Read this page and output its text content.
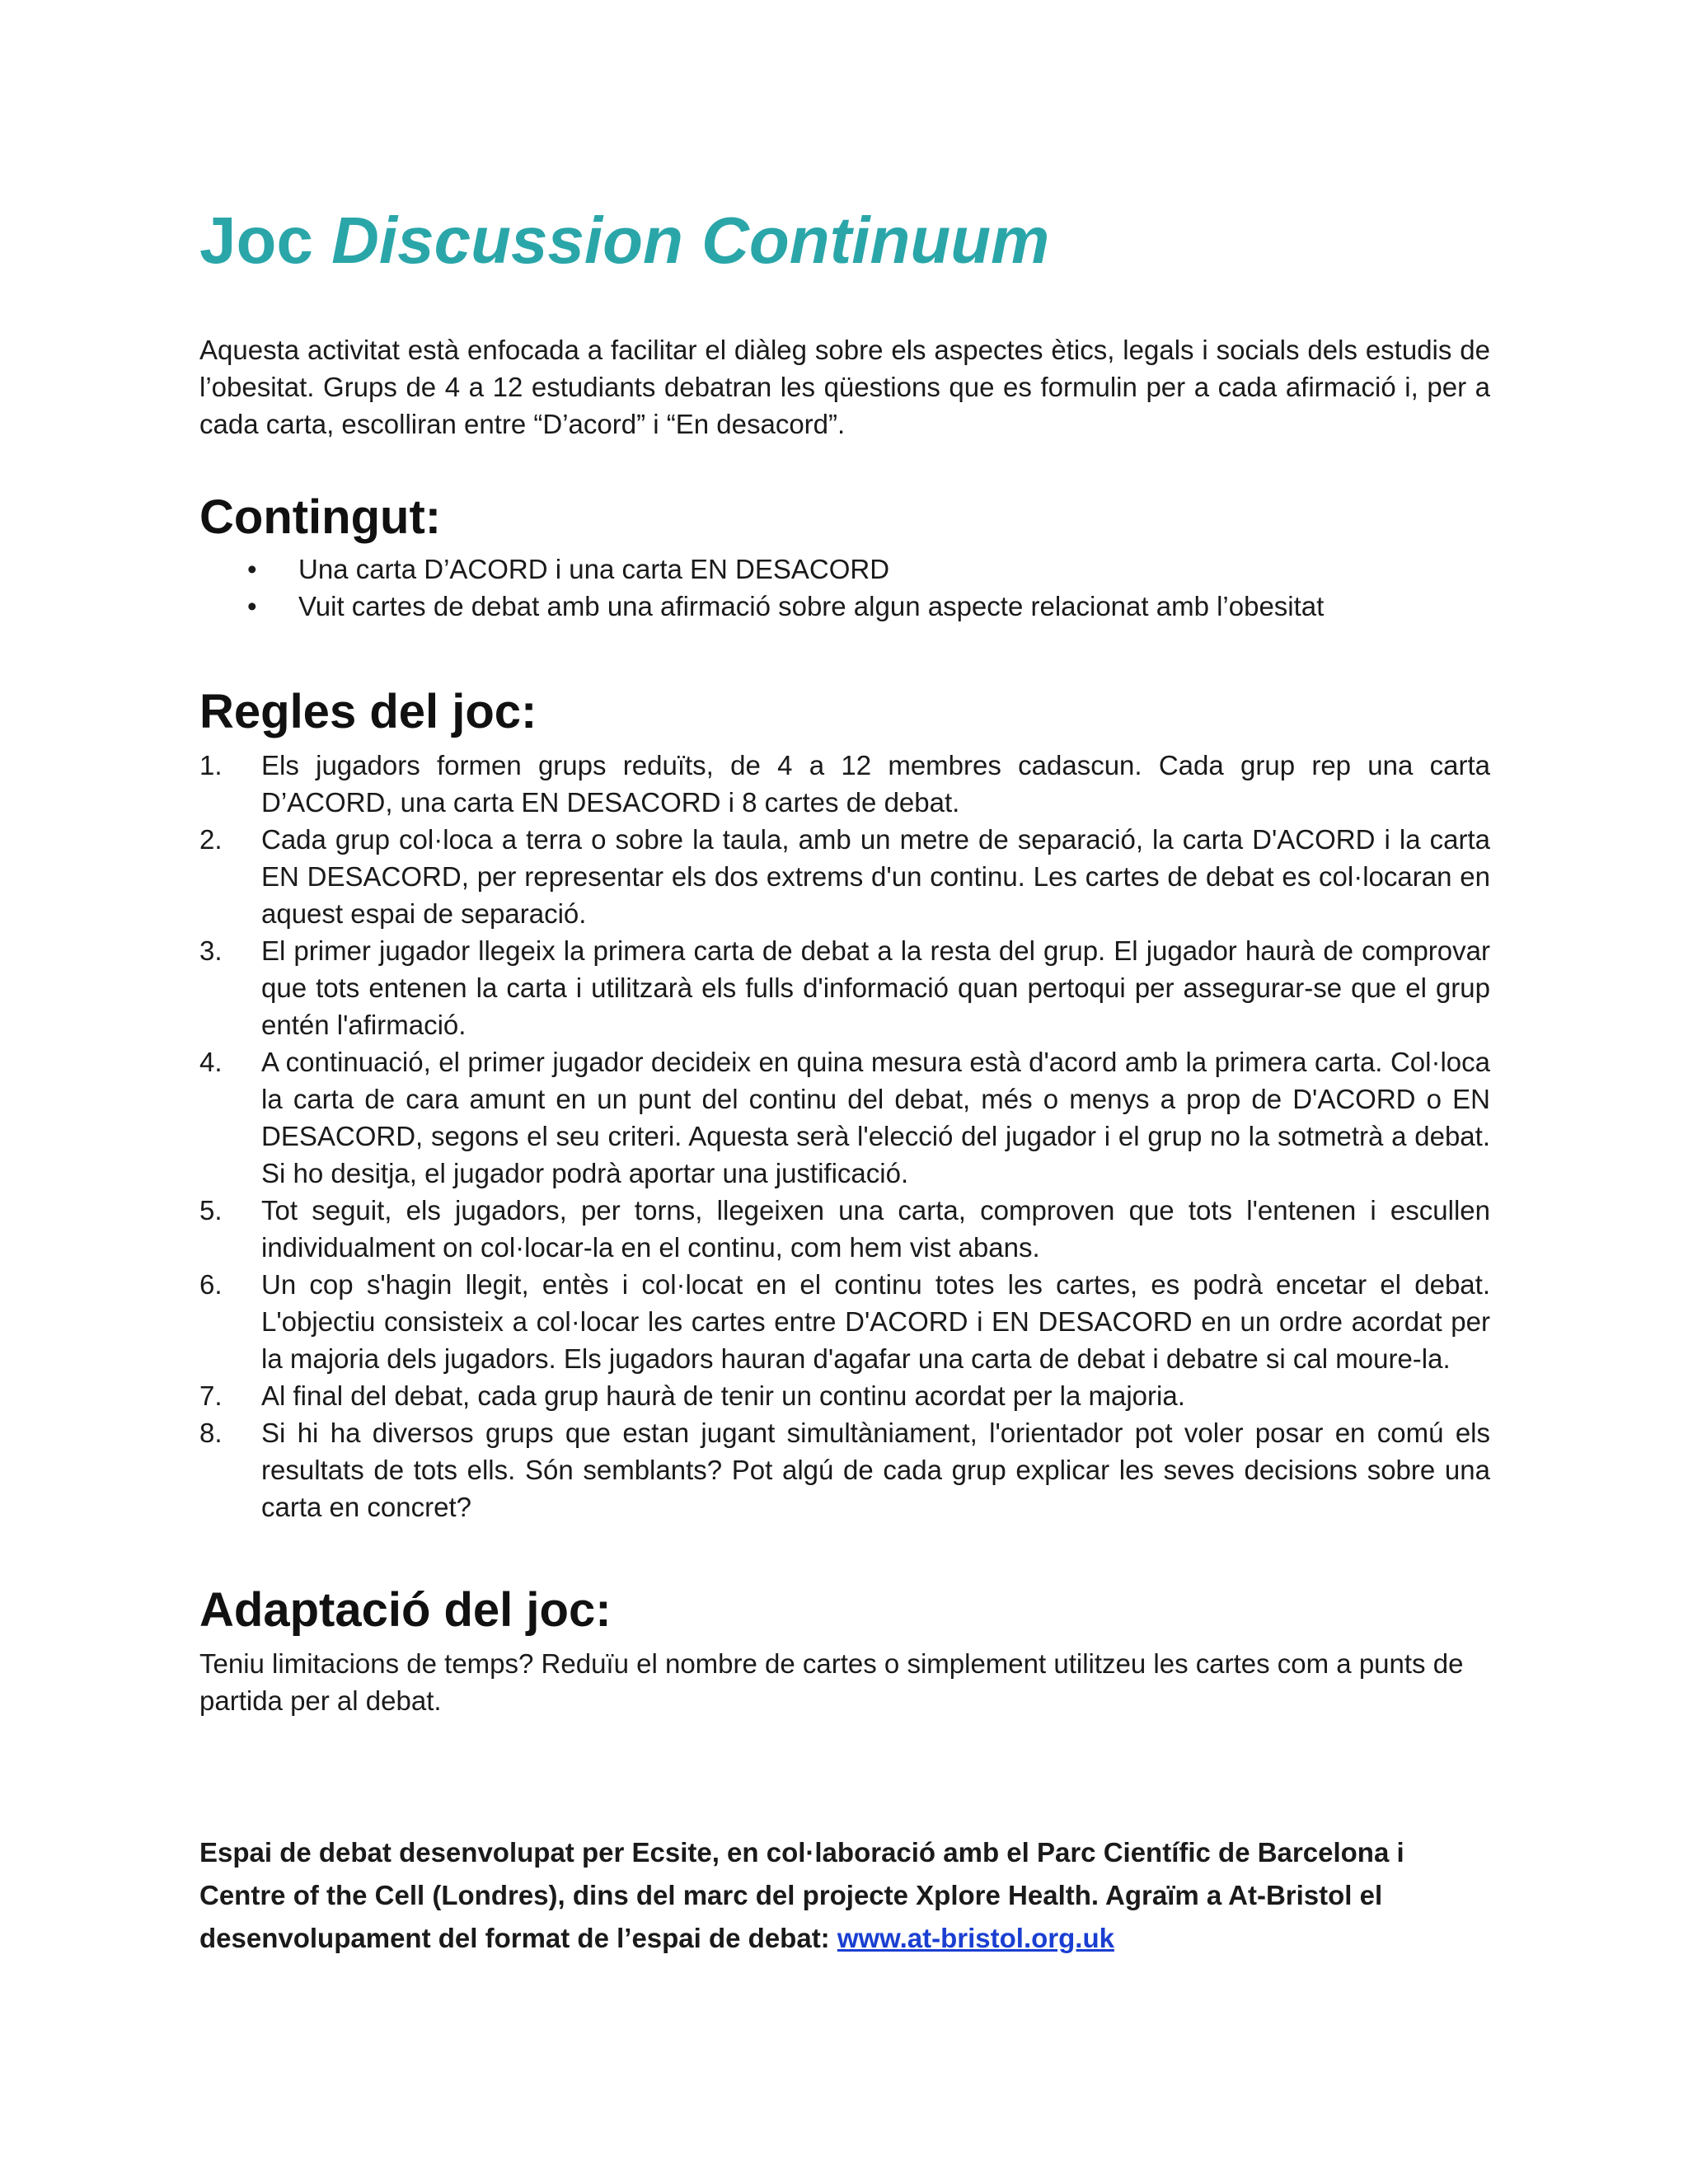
Joc Discussion Continuum

Aquesta activitat està enfocada a facilitar el diàleg sobre els aspectes ètics, legals i socials dels estudis de l’obesitat. Grups de 4 a 12 estudiants debatran les qüestions que es formulin per a cada afirmació i, per a cada carta, escolliran entre “D’acord” i “En desacord”.

Contingut:
• Una carta D’ACORD i una carta EN DESACORD
• Vuit cartes de debat amb una afirmació sobre algun aspecte relacionat amb l’obesitat
Regles del joc:
1. Els jugadors formen grups reduïts, de 4 a 12 membres cadascun. Cada grup rep una carta D’ACORD, una carta EN DESACORD i 8 cartes de debat.
2. Cada grup col·loca a terra o sobre la taula, amb un metre de separació, la carta D'ACORD i la carta EN DESACORD, per representar els dos extrems d'un continu. Les cartes de debat es col·locaran en aquest espai de separació.
3. El primer jugador llegeix la primera carta de debat a la resta del grup. El jugador haurà de comprovar que tots entenen la carta i utilitzarà els fulls d'informació quan pertoqui per assegurar-se que el grup entén l'afirmació.
4. A continuació, el primer jugador decideix en quina mesura està d'acord amb la primera carta. Col·loca la carta de cara amunt en un punt del continu del debat, més o menys a prop de D'ACORD o EN DESACORD, segons el seu criteri. Aquesta serà l'elecció del jugador i el grup no la sotmetrà a debat. Si ho desitja, el jugador podrà aportar una justificació.
5. Tot seguit, els jugadors, per torns, llegeixen una carta, comproven que tots l'entenen i escullen individualment on col·locar-la en el continu, com hem vist abans.
6. Un cop s'hagin llegit, entès i col·locat en el continu totes les cartes, es podrà encetar el debat. L'objectiu consisteix a col·locar les cartes entre D'ACORD i EN DESACORD en un ordre acordat per la majoria dels jugadors. Els jugadors hauran d'agafar una carta de debat i debatre si cal moure-la.
7. Al final del debat, cada grup haurà de tenir un continu acordat per la majoria.
8. Si hi ha diversos grups que estan jugant simultàniament, l'orientador pot voler posar en comú els resultats de tots ells. Són semblants? Pot algú de cada grup explicar les seves decisions sobre una carta en concret?
Adaptació del joc:

Teniu limitacions de temps? Reduïu el nombre de cartes o simplement utilitzeu les cartes com a punts de partida per al debat.

Espai de debat desenvolupat per Ecsite, en col·laboració amb el Parc Científic de Barcelona i Centre of the Cell (Londres), dins del marc del projecte Xplore Health. Agraïm a At-Bristol el desenvolupament del format de l’espai de debat: www.at-bristol.org.uk
